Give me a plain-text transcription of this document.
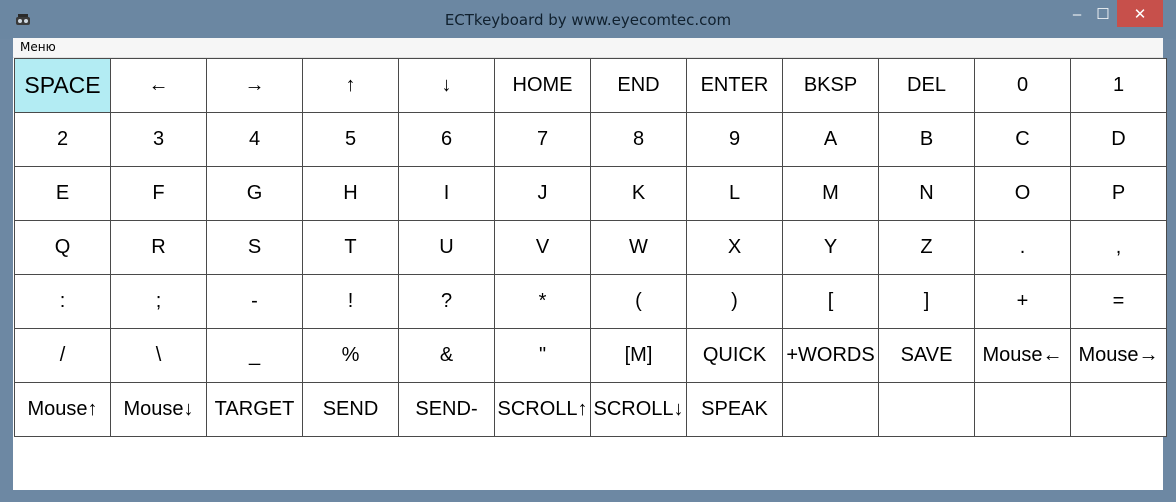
ECTkeyboard by www.eyecomtec.com	–	☐	✕
Меню
SPACE	←	→	↑	↓	HOME	END	ENTER	BKSP	DEL	0	1
2	3	4	5	6	7	8	9	A	B	C	D
E	F	G	H	I	J	K	L	M	N	O	P
Q	R	S	T	U	V	W	X	Y	Z	.	,
:	;	-	!	?	*	(	)	[	]	+	=
/	\	_	%	&	"	[M]	QUICK	+WORDS	SAVE	Mouse← Mouse→
Mouse↑	Mouse↓	TARGET	SEND	SEND- SCROLL↑ SCROLL↓ SPEAK
